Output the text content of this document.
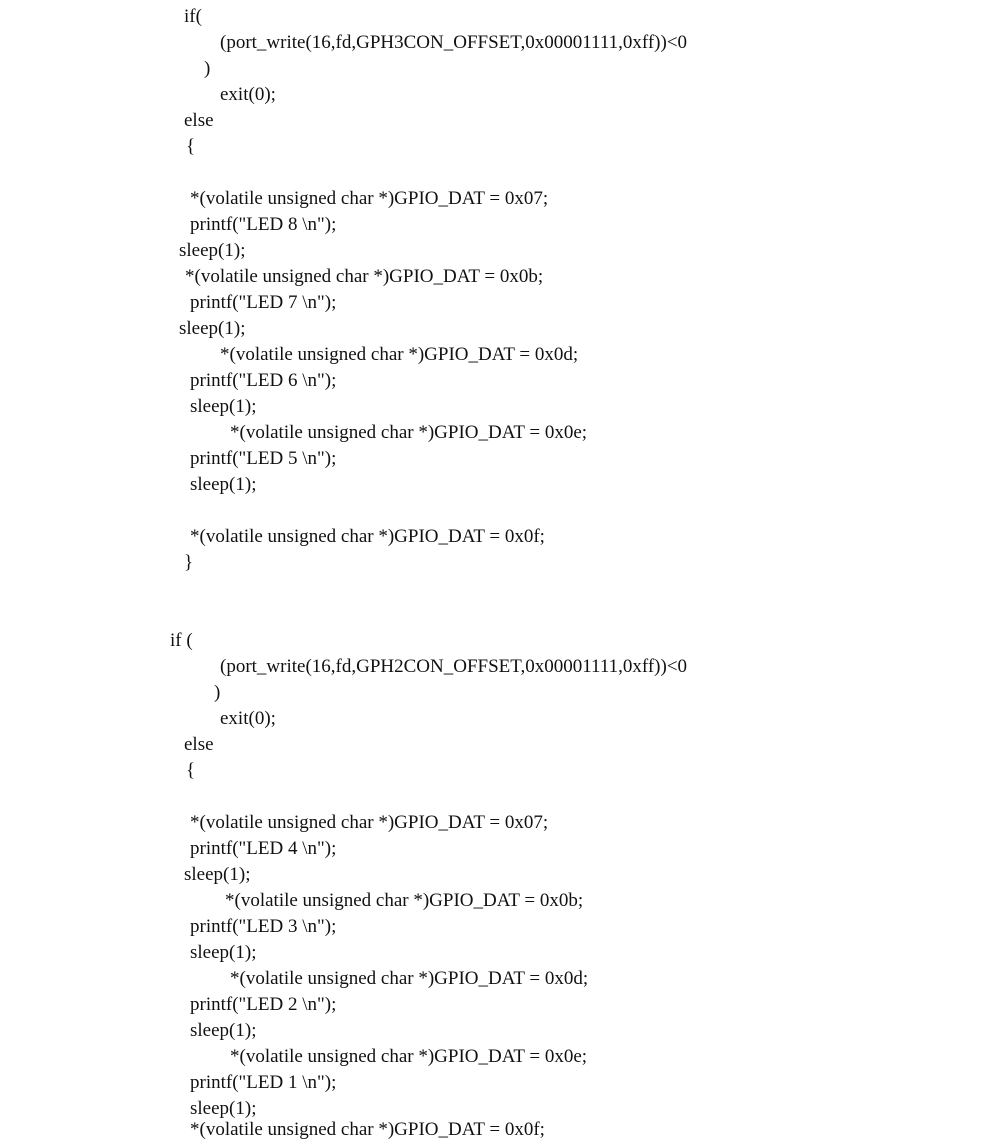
if(

(port_write(16,fd,GPH3CON_OFFSET,0x00001111,0xff))<0

)

exit(0);

else

{

*(volatile unsigned char *)GPIO_DAT = 0x07;

printf("LED 8 \n");

sleep(1);

*(volatile unsigned char *)GPIO_DAT = 0x0b;

printf("LED 7 \n");

sleep(1);

*(volatile unsigned char *)GPIO_DAT = 0x0d;

printf("LED 6 \n");

sleep(1);

*(volatile unsigned char *)GPIO_DAT = 0x0e;

printf("LED 5 \n");

sleep(1);

*(volatile unsigned char *)GPIO_DAT = 0x0f;

}

if (

(port_write(16,fd,GPH2CON_OFFSET,0x00001111,0xff))<0

)

exit(0);

else

{

*(volatile unsigned char *)GPIO_DAT = 0x07;

printf("LED 4 \n");

sleep(1);

*(volatile unsigned char *)GPIO_DAT = 0x0b;

printf("LED 3 \n");

sleep(1);

*(volatile unsigned char *)GPIO_DAT = 0x0d;

printf("LED 2 \n");

sleep(1);

*(volatile unsigned char *)GPIO_DAT = 0x0e;

printf("LED 1 \n");

sleep(1);

*(volatile unsigned char *)GPIO_DAT = 0x0f;
